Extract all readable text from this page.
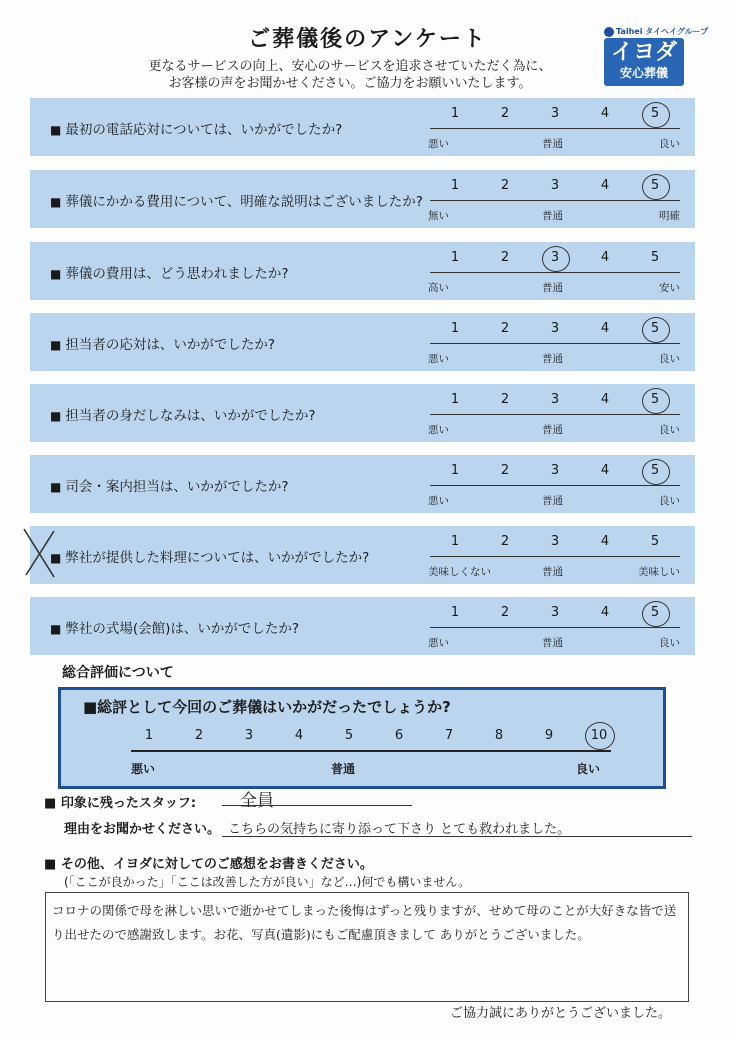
ご葬儀後のアンケート
更なるサービスの向上、安心のサービスを追求させていただく為に、
お客様の声をお聞かせください。ご協力をお願いいたします。
Taihei タイヘイグループ
イヨダ
安心葬儀
■ 最初の電話応対については、いかがでしたか?
1	2	3	4	5
悪い	普通	良い
■ 葬儀にかかる費用について、明確な説明はございましたか?
1	2	3	4	5
無い	普通	明確
■ 葬儀の費用は、どう思われましたか?
1	2	3	4	5
高い	普通	安い
■ 担当者の応対は、いかがでしたか?
1	2	3	4	5
悪い	普通	良い
■ 担当者の身だしなみは、いかがでしたか?
1	2	3	4	5
悪い	普通	良い
■ 司会・案内担当は、いかがでしたか?
1	2	3	4	5
悪い	普通	良い
■ 弊社が提供した料理については、いかがでしたか?
1	2	3	4	5
美味しくない	普通	美味しい
■ 弊社の式場(会館)は、いかがでしたか?
1	2	3	4	5
悪い	普通	良い
総合評価について
■総評として今回のご葬儀はいかがだったでしょうか?
1	2	3	4	5	6	7	8	9	10
悪い	普通	良い
■ 印象に残ったスタッフ:	全員
理由をお聞かせください。 こちらの気持ちに寄り添って下さり とても救われました。
■ その他、イヨダに対してのご感想をお書きください。
(「ここが良かった」「ここは改善した方が良い」など…)何でも構いません。
コロナの関係で母を淋しい思いで逝かせてしまった後悔はずっと残りますが、せめて母のことが大好きな皆で送り出せたので感謝致します。お花、写真(遺影)にもご配慮頂きまして ありがとうございました。
ご協力誠にありがとうございました。
